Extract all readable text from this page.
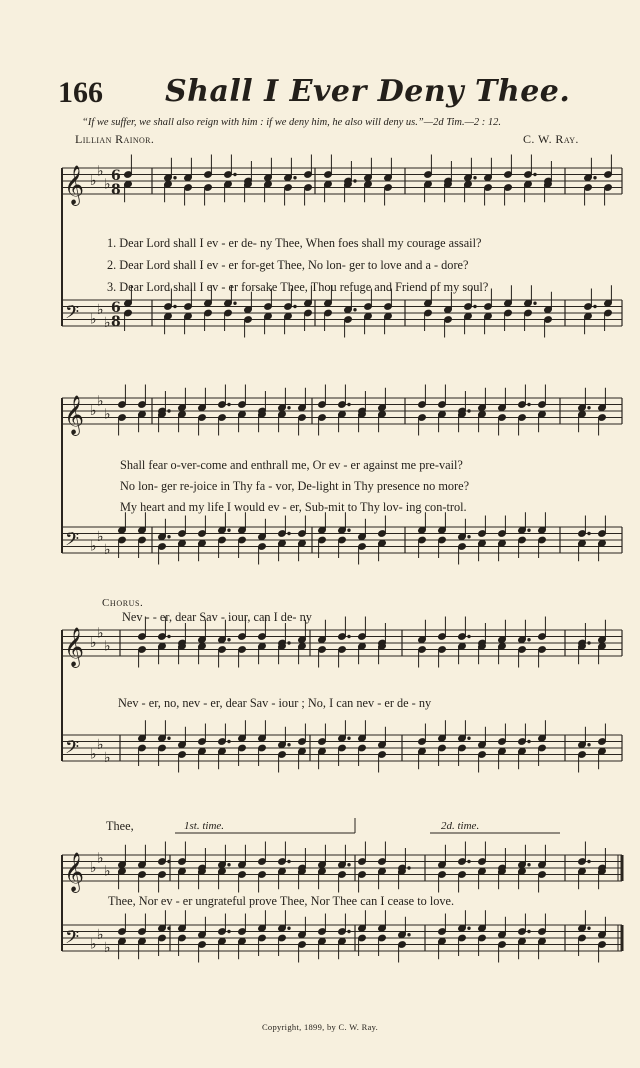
166 Shall I Ever Deny Thee.
“If we suffer, we shall also reign with him : if we deny him, he also will deny us.”—2d Tim.—2 : 12.
Lillian Rainor.	C. W. Ray.
𝄞
𝄢
♭
♭
♭
♭
♭
♭
6
8
6
8
𝄞
𝄢
♭
♭
♭
♭
♭
♭
𝄞
𝄢
♭
♭
♭
♭
♭
♭
𝄞
𝄢
♭
♭
♭
♭
♭
♭
1. Dear Lord shall I ev - er de- ny Thee, When foes shall my courage assail?
2. Dear Lord shall I ev - er for-get Thee, No lon- ger to love and a - dore?
3. Dear Lord shall I ev - er forsake Thee, Thou refuge and Friend of my soul?
Shall fear o-ver-come and enthrall me, Or ev - er against me pre-vail?
No lon- ger re-joice in Thy fa - vor, De-light in Thy presence no more?
My heart and my life I would ev - er, Sub-mit to Thy lov- ing con-trol.
Chorus.
Nev - - er, dear Sav - iour, can I de- ny
Nev - er, no, nev - er, dear Sav - iour ; No, I can nev - er de - ny
Thee,	1st. time.	2d. time.
Thee, Nor ev - er ungrateful prove Thee, Nor Thee can I cease to love.
Copyright, 1899, by C. W. Ray.
